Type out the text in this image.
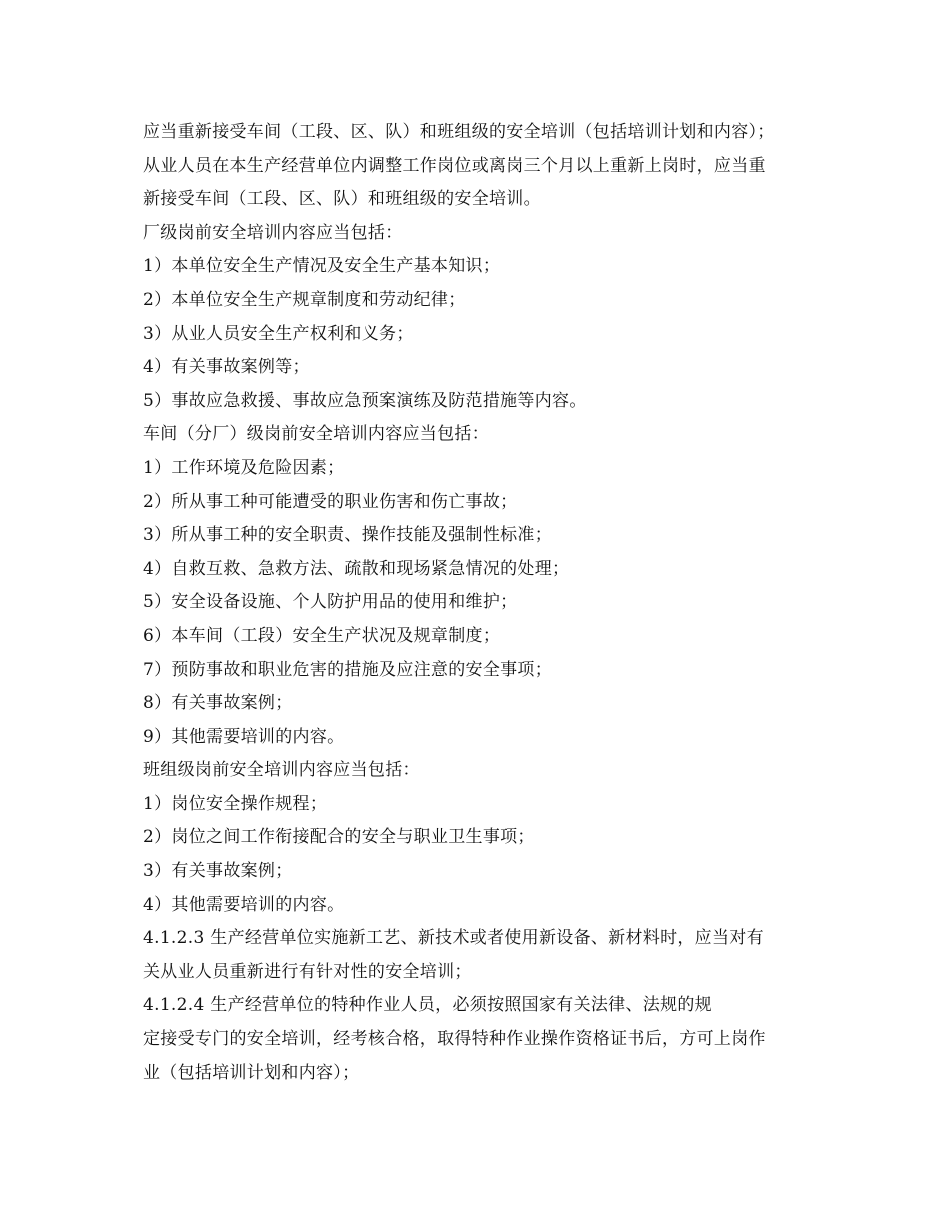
应当重新接受车间（工段、区、队）和班组级的安全培训（包括培训计划和内容）；

从业人员在本生产经营单位内调整工作岗位或离岗三个月以上重新上岗时，应当重

新接受车间（工段、区、队）和班组级的安全培训。

厂级岗前安全培训内容应当包括：

1）本单位安全生产情况及安全生产基本知识；

2）本单位安全生产规章制度和劳动纪律；

3）从业人员安全生产权利和义务；

4）有关事故案例等；

5）事故应急救援、事故应急预案演练及防范措施等内容。

车间（分厂）级岗前安全培训内容应当包括：

1）工作环境及危险因素；

2）所从事工种可能遭受的职业伤害和伤亡事故；

3）所从事工种的安全职责、操作技能及强制性标准；

4）自救互救、急救方法、疏散和现场紧急情况的处理；

5）安全设备设施、个人防护用品的使用和维护；

6）本车间（工段）安全生产状况及规章制度；

7）预防事故和职业危害的措施及应注意的安全事项；

8）有关事故案例；

9）其他需要培训的内容。

班组级岗前安全培训内容应当包括：

1）岗位安全操作规程；

2）岗位之间工作衔接配合的安全与职业卫生事项；

3）有关事故案例；

4）其他需要培训的内容。

4.1.2.3 生产经营单位实施新工艺、新技术或者使用新设备、新材料时，应当对有

关从业人员重新进行有针对性的安全培训；

4.1.2.4 生产经营单位的特种作业人员，必须按照国家有关法律、法规的规

定接受专门的安全培训，经考核合格，取得特种作业操作资格证书后，方可上岗作

业（包括培训计划和内容）；
